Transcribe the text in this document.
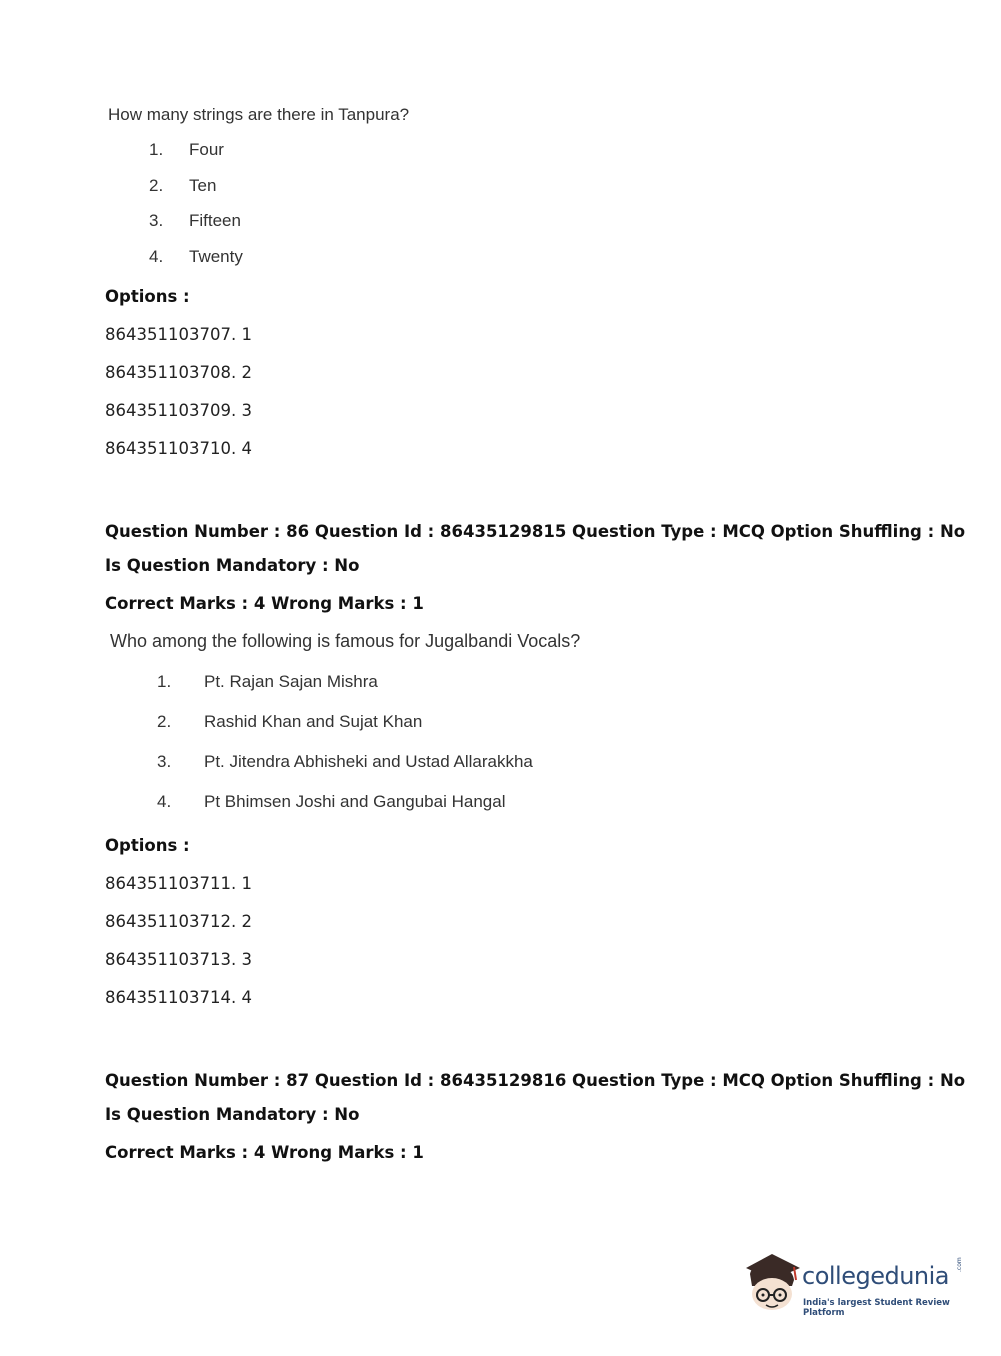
How many strings are there in Tanpura?
1. Four
2. Ten
3. Fifteen
4. Twenty
Options :
864351103707. 1
864351103708. 2
864351103709. 3
864351103710. 4
Question Number : 86 Question Id : 86435129815 Question Type : MCQ Option Shuffling : No
Is Question Mandatory : No
Correct Marks : 4 Wrong Marks : 1
Who among the following is famous for Jugalbandi Vocals?
1. Pt. Rajan Sajan Mishra
2. Rashid Khan and Sujat Khan
3. Pt. Jitendra Abhisheki and Ustad Allarakkha
4. Pt Bhimsen Joshi and Gangubai Hangal
Options :
864351103711. 1
864351103712. 2
864351103713. 3
864351103714. 4
Question Number : 87 Question Id : 86435129816 Question Type : MCQ Option Shuffling : No
Is Question Mandatory : No
Correct Marks : 4 Wrong Marks : 1
collegedunia .com
India's largest Student Review Platform
